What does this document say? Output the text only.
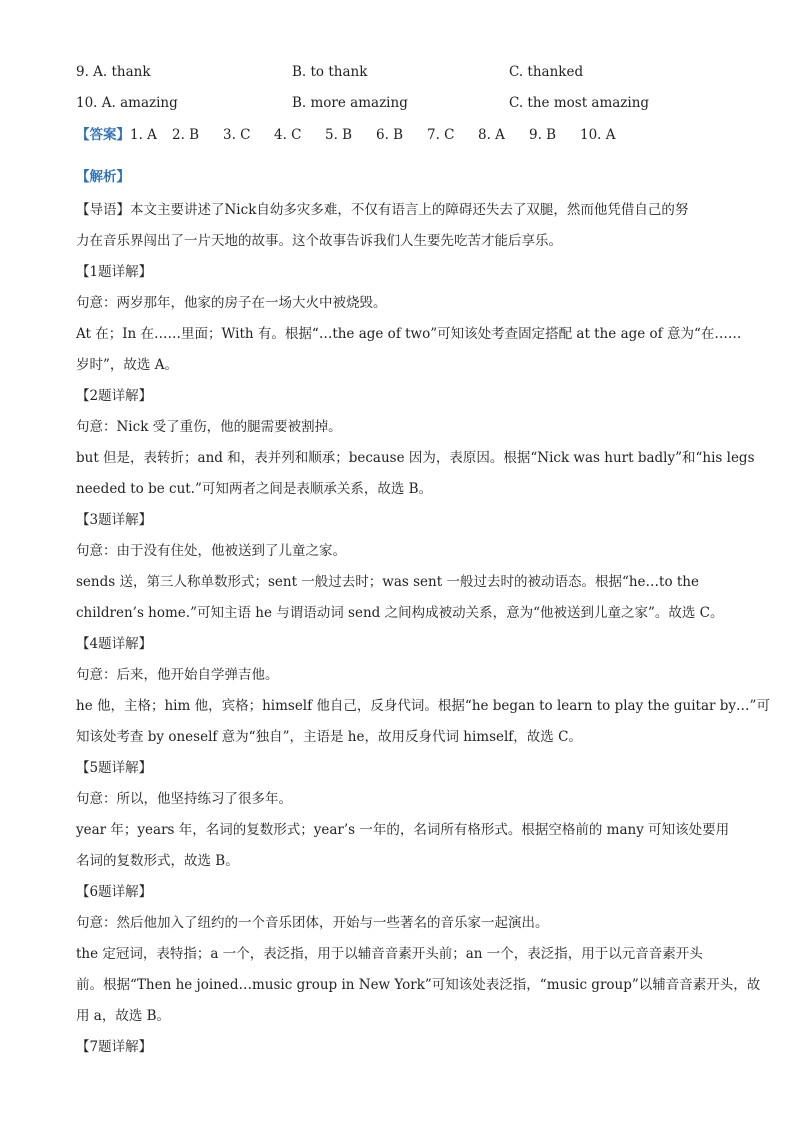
9. A. thank	B. to thank	C. thanked
10. A. amazing	B. more amazing	C. the most amazing
【答案】1. A 2. B 3. C 4. C 5. B 6. B 7. C 8. A 9. B 10. A
【解析】
【导语】本文主要讲述了Nick自幼多灾多难，不仅有语言上的障碍还失去了双腿，然而他凭借自己的努
力在音乐界闯出了一片天地的故事。这个故事告诉我们人生要先吃苦才能后享乐。
【1题详解】
句意：两岁那年，他家的房子在一场大火中被烧毁。
At 在；In 在……里面；With 有。根据“…the age of two”可知该处考查固定搭配 at the age of 意为“在……
岁时”，故选 A。
【2题详解】
句意：Nick 受了重伤，他的腿需要被割掉。
but 但是，表转折；and 和，表并列和顺承；because 因为，表原因。根据“Nick was hurt badly”和“his legs
needed to be cut.”可知两者之间是表顺承关系，故选 B。
【3题详解】
句意：由于没有住处，他被送到了儿童之家。
sends 送，第三人称单数形式；sent 一般过去时；was sent 一般过去时的被动语态。根据“he…to the
children’s home.”可知主语 he 与谓语动词 send 之间构成被动关系，意为“他被送到儿童之家”。故选 C。
【4题详解】
句意：后来，他开始自学弹吉他。
he 他，主格；him 他，宾格；himself 他自己，反身代词。根据“he began to learn to play the guitar by…”可
知该处考查 by oneself 意为“独自”，主语是 he，故用反身代词 himself，故选 C。
【5题详解】
句意：所以，他坚持练习了很多年。
year 年；years 年，名词的复数形式；year’s 一年的，名词所有格形式。根据空格前的 many 可知该处要用
名词的复数形式，故选 B。
【6题详解】
句意：然后他加入了纽约的一个音乐团体，开始与一些著名的音乐家一起演出。
the 定冠词，表特指；a 一个，表泛指，用于以辅音音素开头前；an 一个，表泛指，用于以元音音素开头
前。根据“Then he joined…music group in New York”可知该处表泛指，“music group”以辅音音素开头，故
用 a，故选 B。
【7题详解】
